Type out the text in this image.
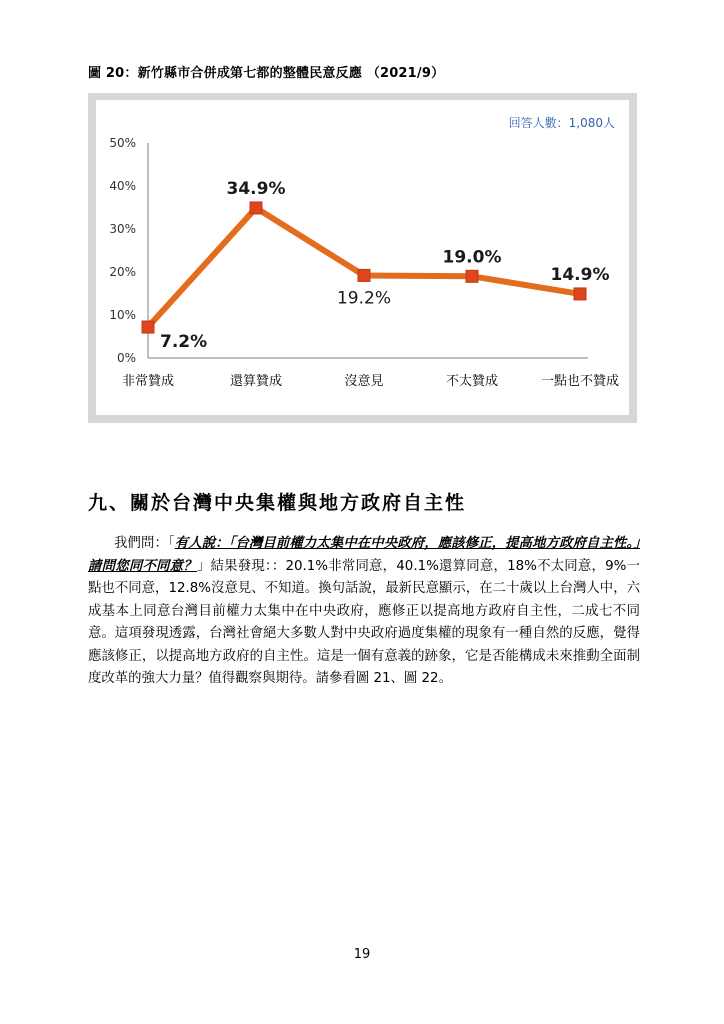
圖 20：新竹縣市合併成第七都的整體民意反應 （2021/9）
回答人數：1,080人
0%
10%
20%
30%
40%
50%
非常贊成	還算贊成	沒意見	不太贊成	一點也不贊成
7.2%
34.9%
19.2%
19.0%
14.9%
九、關於台灣中央集權與地方政府自主性

我們問：「有人說：「台灣目前權力太集中在中央政府，應該修正，提高地方政府自主性。」請問您同不同意？」結果發現：：20.1%非常同意，40.1%還算同意，18%不太同意，9%一點也不同意，12.8%沒意見、不知道。換句話說，最新民意顯示，在二十歲以上台灣人中，六成基本上同意台灣目前權力太集中在中央政府，應修正以提高地方政府自主性，二成七不同意。這項發現透露，台灣社會絕大多數人對中央政府過度集權的現象有一種自然的反應，覺得應該修正，以提高地方政府的自主性。這是一個有意義的跡象，它是否能構成未來推動全面制度改革的強大力量？值得觀察與期待。請參看圖 21、圖 22。

19
